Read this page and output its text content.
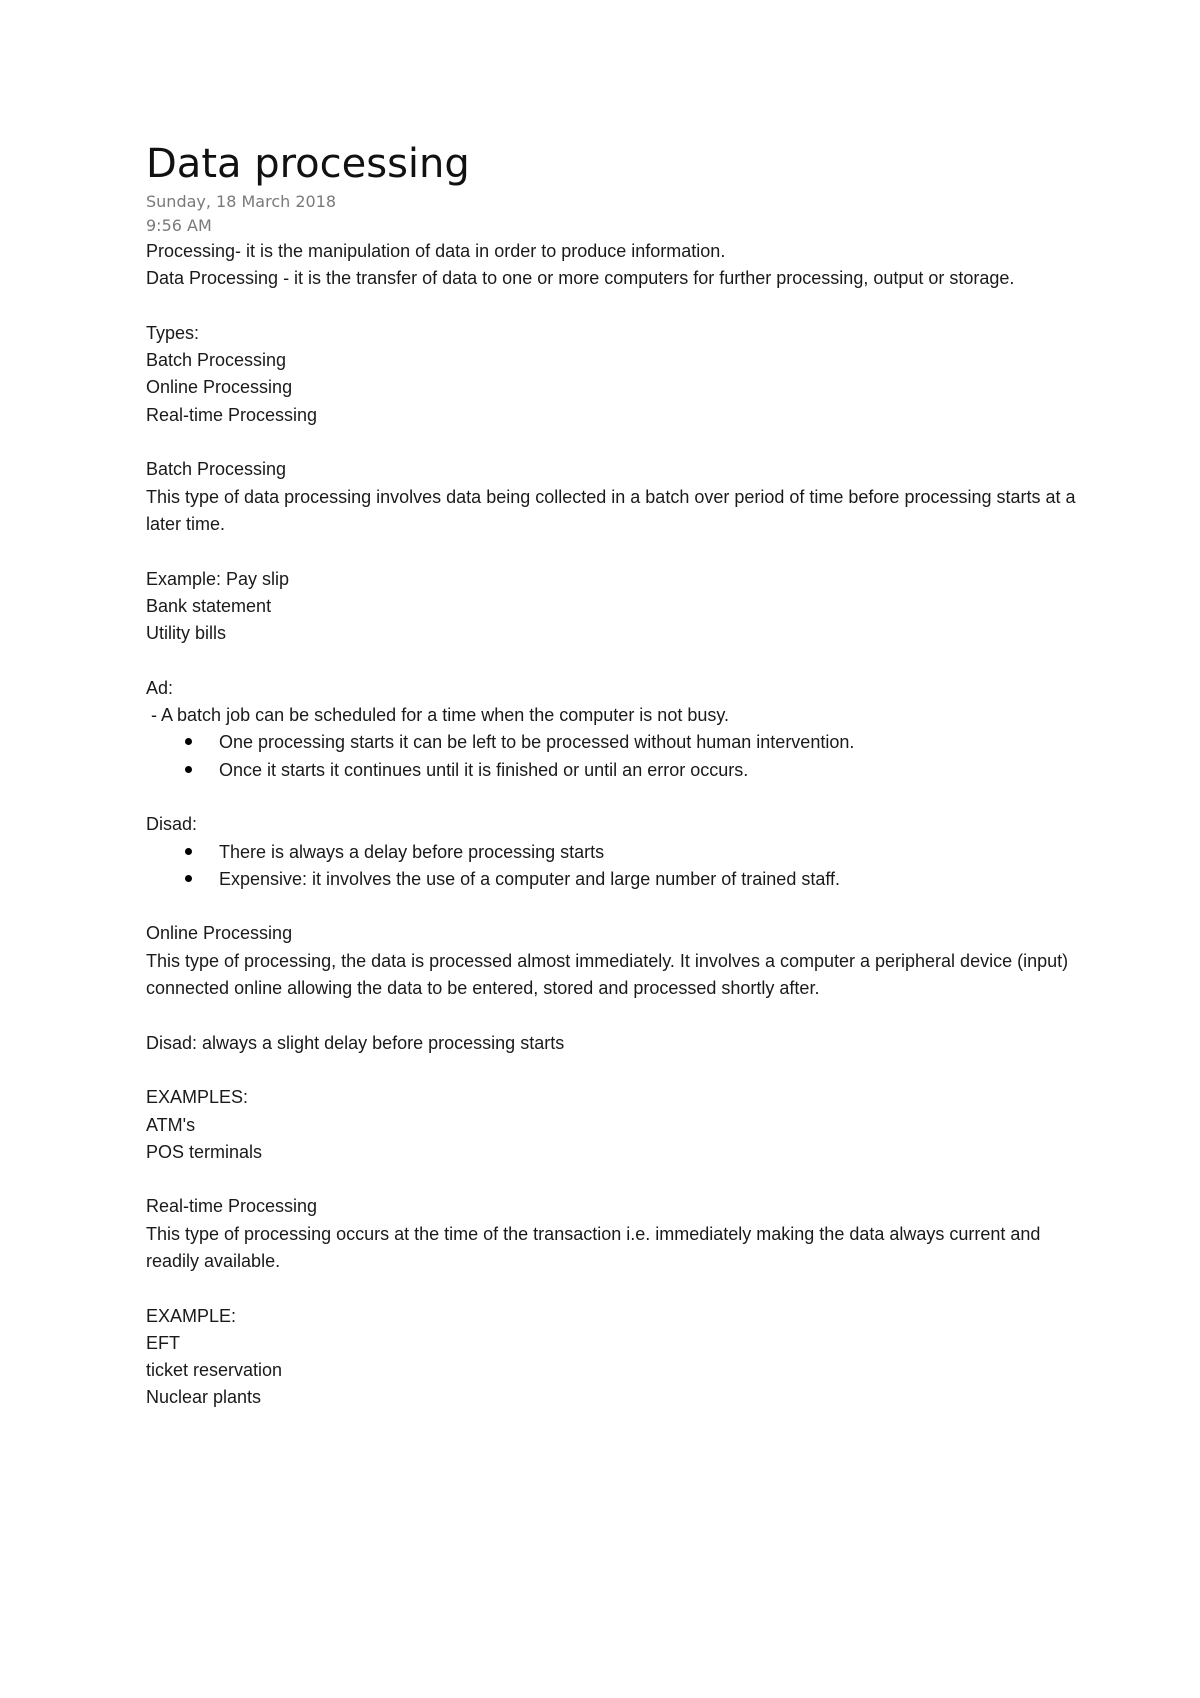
Data processing

Sunday, 18 March 2018

9:56 AM

Processing- it is the manipulation of data in order to produce information.

Data Processing - it is the transfer of data to one or more computers for further processing, output or storage.

Types:

Batch Processing

Online Processing

Real-time Processing

Batch Processing

This type of data processing involves data being collected in a batch over period of time before processing starts at a later time.

Example: Pay slip

Bank statement

Utility bills

Ad:

- A batch job can be scheduled for a time when the computer is not busy.

One processing starts it can be left to be processed without human intervention.
Once it starts it continues until it is finished or until an error occurs.

Disad:

There is always a delay before processing starts
Expensive: it involves the use of a computer and large number of trained staff.

Online Processing

This type of processing, the data is processed almost immediately. It involves a computer a peripheral device (input) connected online allowing the data to be entered, stored and processed shortly after.

Disad: always a slight delay before processing starts

EXAMPLES:

ATM's

POS terminals

Real-time Processing

This type of processing occurs at the time of the transaction i.e. immediately making the data always current and readily available.

EXAMPLE:

EFT

ticket reservation

Nuclear plants
